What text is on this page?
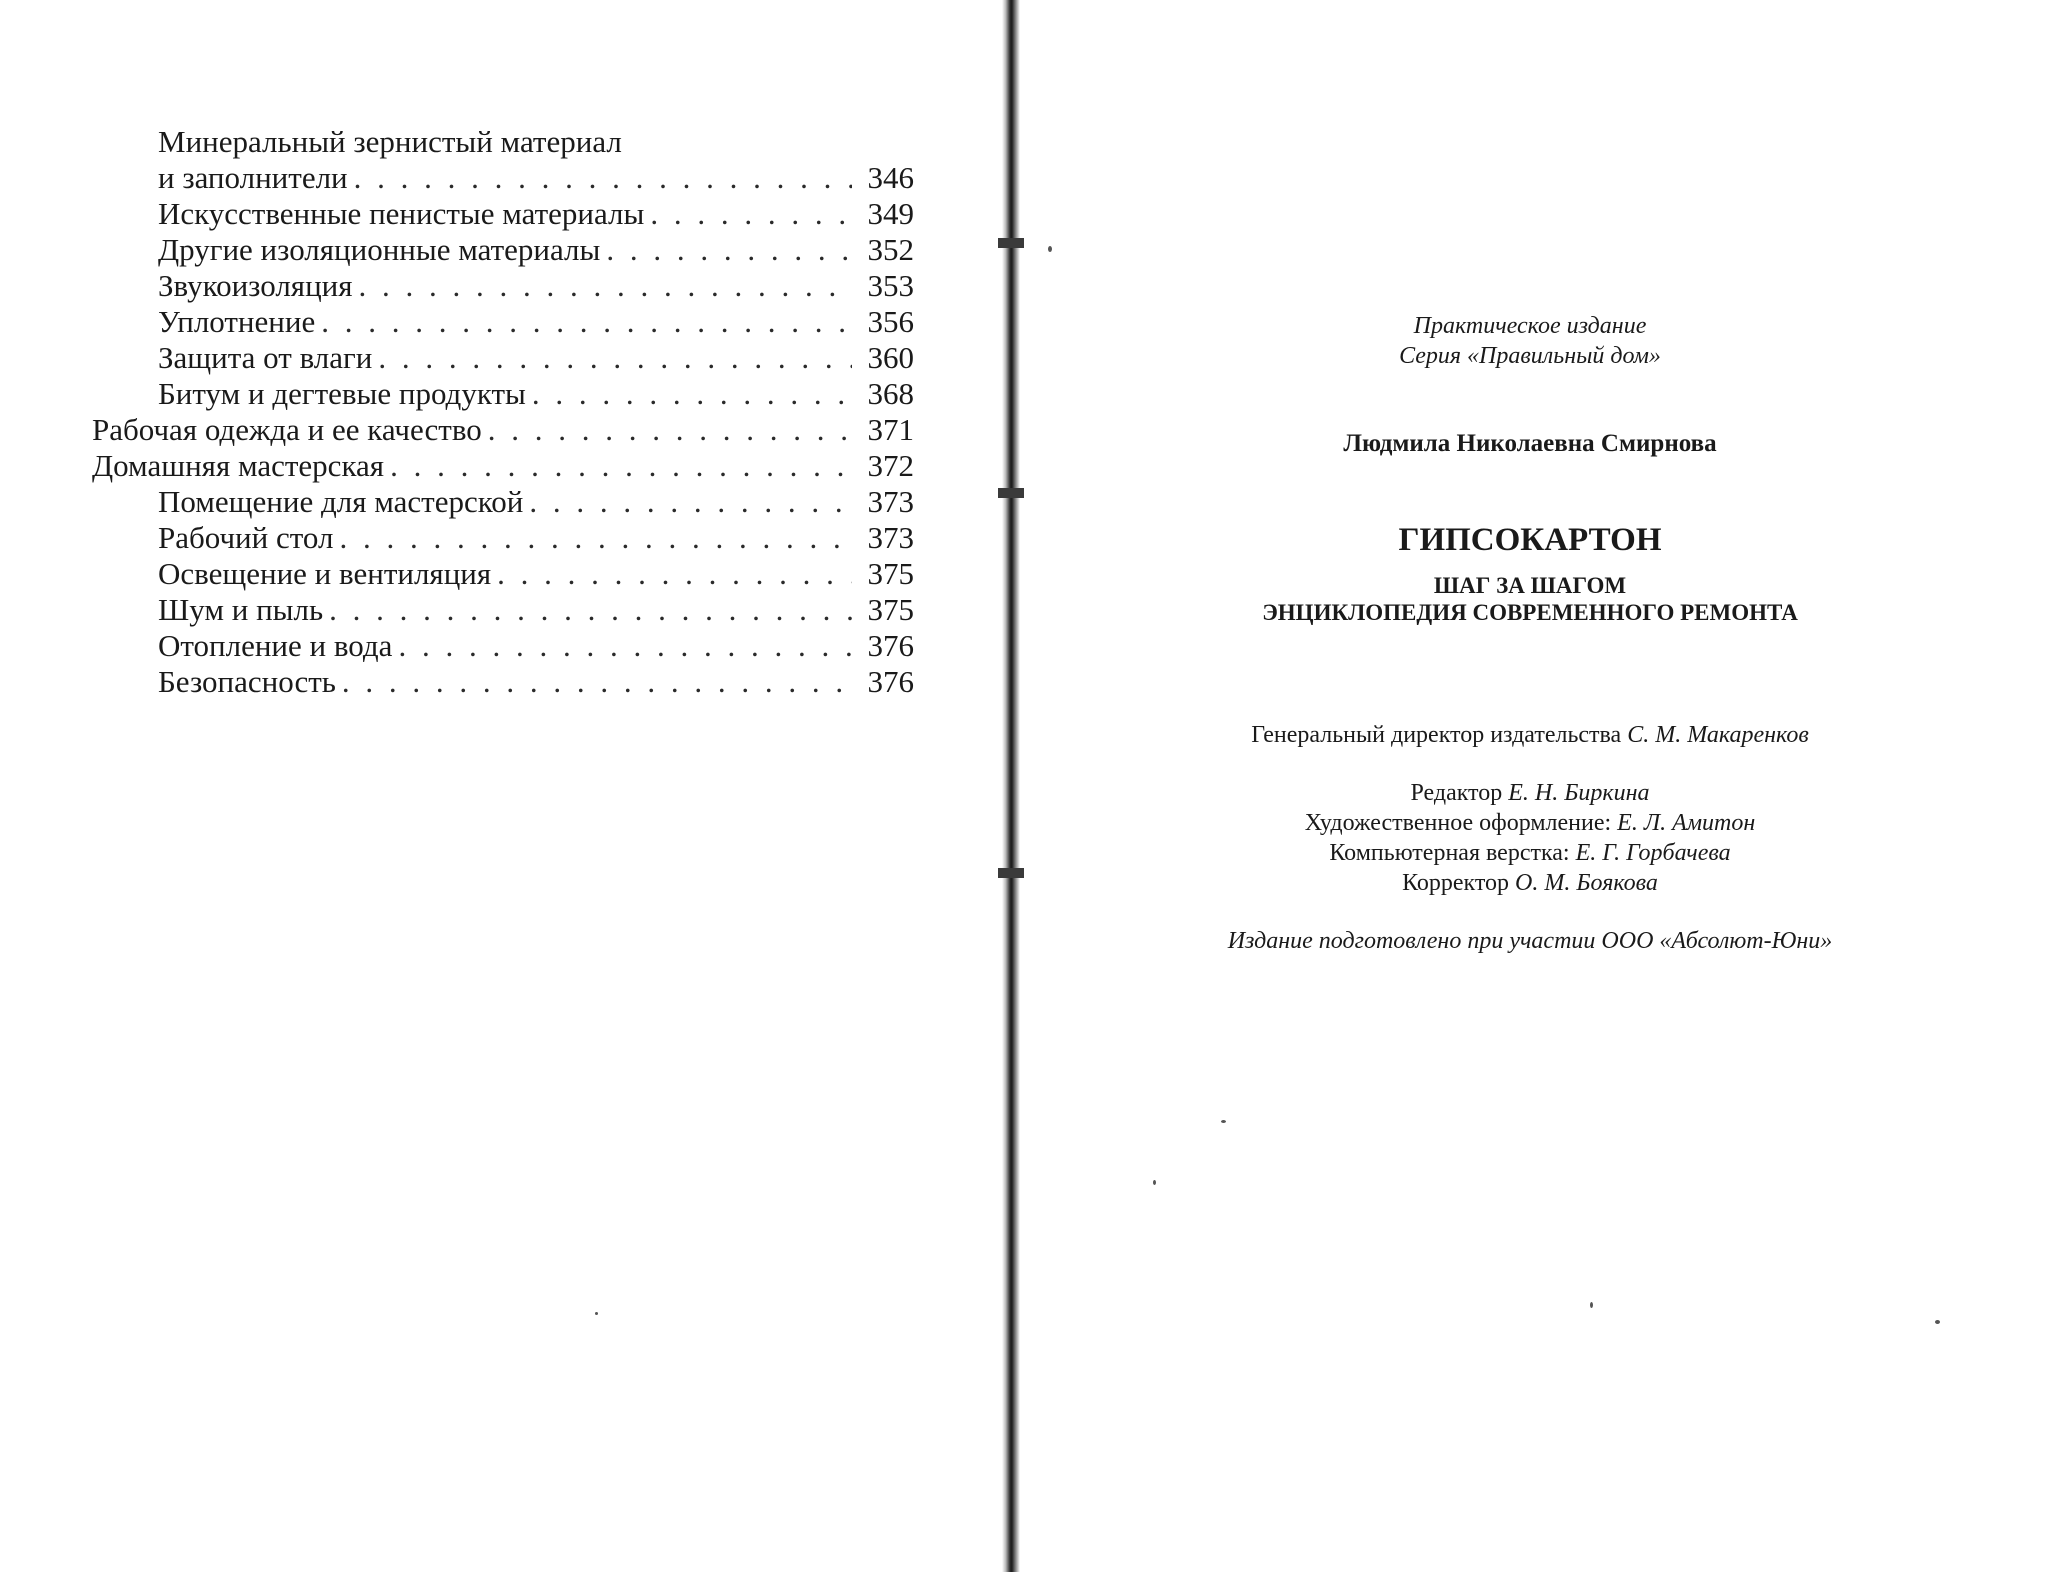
Минеральный зернистый материал
и заполнители . . .	346
Искусственные пенистые материалы . . .	349
Другие изоляционные материалы . . .	352
Звукоизоляция . . .	353
Уплотнение . . .	356
Защита от влаги . . .	360
Битум и дегтевые продукты . . .	368
Рабочая одежда и ее качество . . .	371
Домашняя мастерская . . .	372
Помещение для мастерской . . .	373
Рабочий стол . . .	373
Освещение и вентиляция . . .	375
Шум и пыль . . .	375
Отопление и вода . . .	376
Безопасность . . .	376
Практическое издание
Серия «Правильный дом»
Людмила Николаевна Смирнова
ГИПСОКАРТОН
ШАГ ЗА ШАГОМ
ЭНЦИКЛОПЕДИЯ СОВРЕМЕННОГО РЕМОНТА
Генеральный директор издательства С. М. Макаренков
Редактор Е. Н. Биркина
Художественное оформление: Е. Л. Амитон
Компьютерная верстка: Е. Г. Горбачева
Корректор О. М. Боякова
Издание подготовлено при участии ООО «Абсолют-Юни»
